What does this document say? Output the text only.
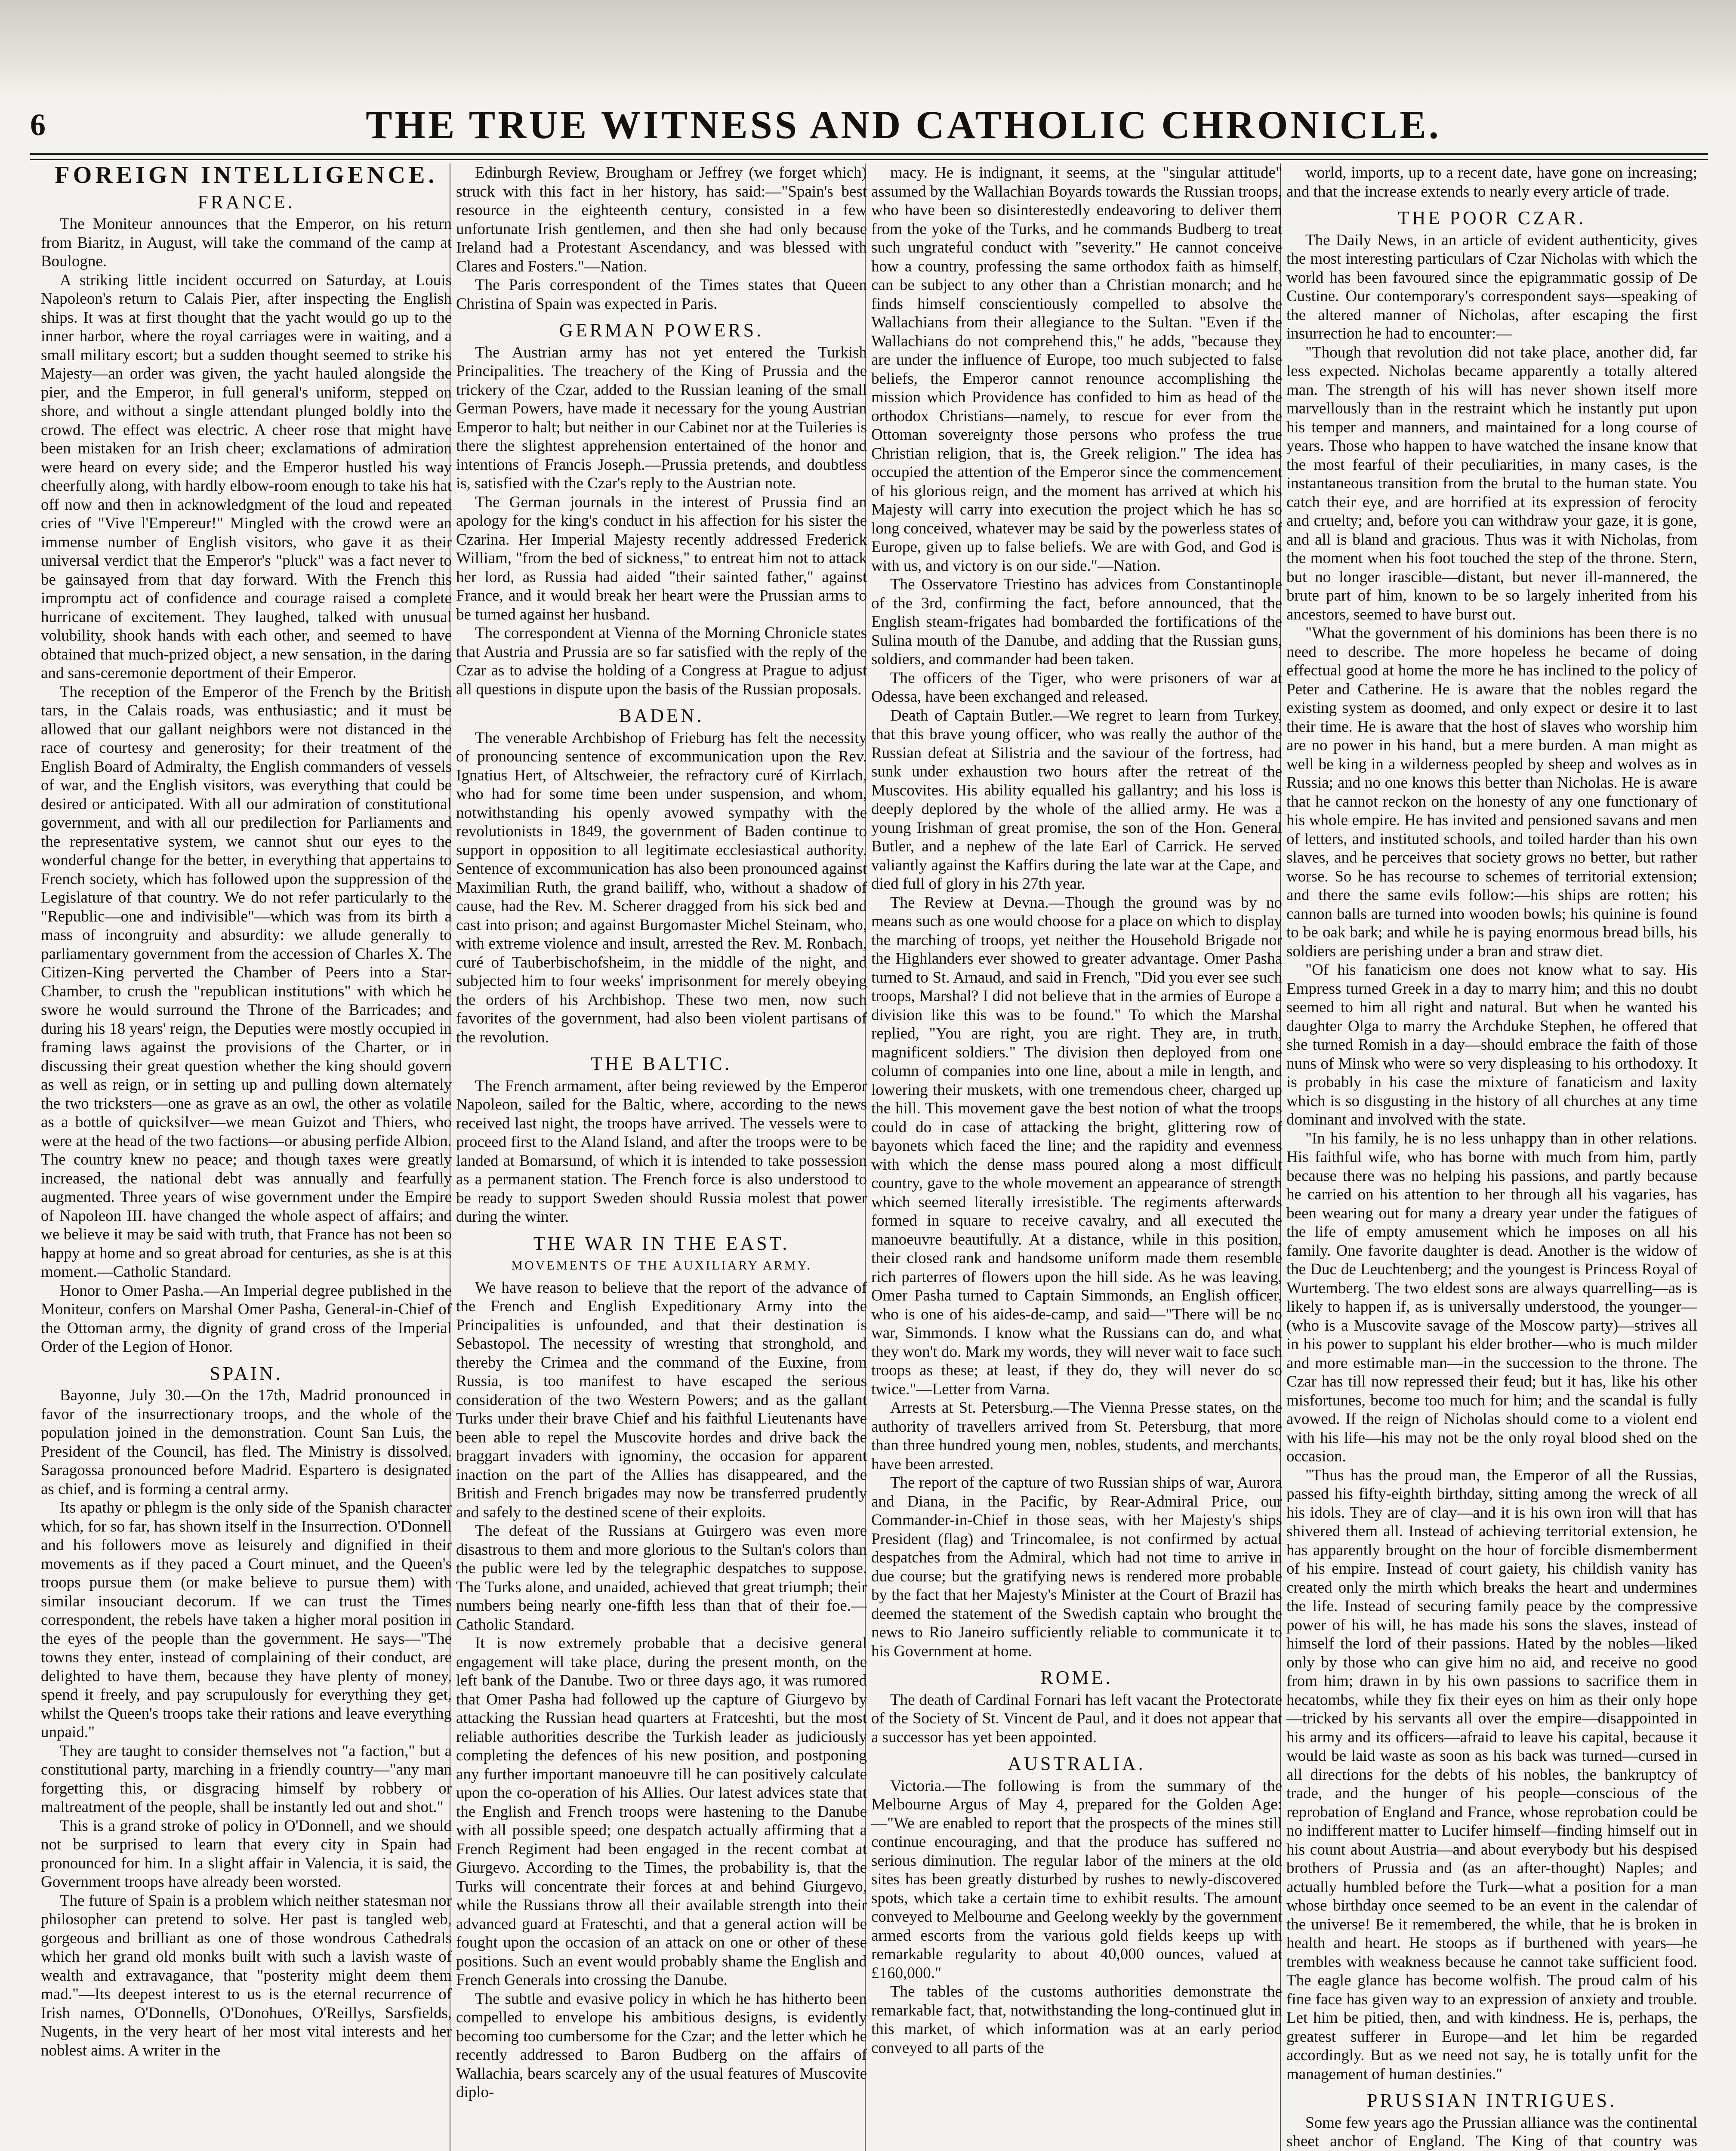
6	THE TRUE WITNESS AND CATHOLIC CHRONICLE.
FOREIGN INTELLIGENCE.
FRANCE.

The Moniteur announces that the Emperor, on his return from Biaritz, in August, will take the command of the camp at Boulogne.

A striking little incident occurred on Saturday, at Louis Napoleon's return to Calais Pier, after inspecting the English ships. It was at first thought that the yacht would go up to the inner harbor, where the royal carriages were in waiting, and a small military escort; but a sudden thought seemed to strike his Majesty—an order was given, the yacht hauled alongside the pier, and the Emperor, in full general's uniform, stepped on shore, and without a single attendant plunged boldly into the crowd. The effect was electric. A cheer rose that might have been mistaken for an Irish cheer; exclamations of admiration were heard on every side; and the Emperor hustled his way cheerfully along, with hardly elbow-room enough to take his hat off now and then in acknowledgment of the loud and repeated cries of "Vive l'Empereur!" Mingled with the crowd were an immense number of English visitors, who gave it as their universal verdict that the Emperor's "pluck" was a fact never to be gainsayed from that day forward. With the French this impromptu act of confidence and courage raised a complete hurricane of excitement. They laughed, talked with unusual volubility, shook hands with each other, and seemed to have obtained that much-prized object, a new sensation, in the daring and sans-ceremonie deportment of their Emperor.

The reception of the Emperor of the French by the British tars, in the Calais roads, was enthusiastic; and it must be allowed that our gallant neighbors were not distanced in the race of courtesy and generosity; for their treatment of the English Board of Admiralty, the English commanders of vessels of war, and the English visitors, was everything that could be desired or anticipated. With all our admiration of constitutional government, and with all our predilection for Parliaments and the representative system, we cannot shut our eyes to the wonderful change for the better, in everything that appertains to French society, which has followed upon the suppression of the Legislature of that country. We do not refer particularly to the "Republic—one and indivisible"—which was from its birth a mass of incongruity and absurdity: we allude generally to parliamentary government from the accession of Charles X. The Citizen-King perverted the Chamber of Peers into a Star-Chamber, to crush the "republican institutions" with which he swore he would surround the Throne of the Barricades; and during his 18 years' reign, the Deputies were mostly occupied in framing laws against the provisions of the Charter, or in discussing their great question whether the king should govern as well as reign, or in setting up and pulling down alternately the two tricksters—one as grave as an owl, the other as volatile as a bottle of quicksilver—we mean Guizot and Thiers, who were at the head of the two factions—or abusing perfide Albion. The country knew no peace; and though taxes were greatly increased, the national debt was annually and fearfully augmented. Three years of wise government under the Empire of Napoleon III. have changed the whole aspect of affairs; and we believe it may be said with truth, that France has not been so happy at home and so great abroad for centuries, as she is at this moment.—Catholic Standard.

Honor to Omer Pasha.—An Imperial degree published in the Moniteur, confers on Marshal Omer Pasha, General-in-Chief of the Ottoman army, the dignity of grand cross of the Imperial Order of the Legion of Honor.

SPAIN.

Bayonne, July 30.—On the 17th, Madrid pronounced in favor of the insurrectionary troops, and the whole of the population joined in the demonstration. Count San Luis, the President of the Council, has fled. The Ministry is dissolved. Saragossa pronounced before Madrid. Espartero is designated as chief, and is forming a central army.

Its apathy or phlegm is the only side of the Spanish character which, for so far, has shown itself in the Insurrection. O'Donnell and his followers move as leisurely and dignified in their movements as if they paced a Court minuet, and the Queen's troops pursue them (or make believe to pursue them) with similar insouciant decorum. If we can trust the Times correspondent, the rebels have taken a higher moral position in the eyes of the people than the government. He says—"The towns they enter, instead of complaining of their conduct, are delighted to have them, because they have plenty of money, spend it freely, and pay scrupulously for everything they get, whilst the Queen's troops take their rations and leave everything unpaid."

They are taught to consider themselves not "a faction," but a constitutional party, marching in a friendly country—"any man forgetting this, or disgracing himself by robbery or maltreatment of the people, shall be instantly led out and shot."

This is a grand stroke of policy in O'Donnell, and we should not be surprised to learn that every city in Spain had pronounced for him. In a slight affair in Valencia, it is said, the Government troops have already been worsted.

The future of Spain is a problem which neither statesman nor philosopher can pretend to solve. Her past is tangled web, gorgeous and brilliant as one of those wondrous Cathedrals which her grand old monks built with such a lavish waste of wealth and extravagance, that "posterity might deem them mad."—Its deepest interest to us is the eternal recurrence of Irish names, O'Donnells, O'Donohues, O'Reillys, Sarsfields, Nugents, in the very heart of her most vital interests and her noblest aims. A writer in the

Edinburgh Review, Brougham or Jeffrey (we forget which) struck with this fact in her history, has said:—"Spain's best resource in the eighteenth century, consisted in a few unfortunate Irish gentlemen, and then she had only because Ireland had a Protestant Ascendancy, and was blessed with Clares and Fosters."—Nation.

The Paris correspondent of the Times states that Queen Christina of Spain was expected in Paris.

GERMAN POWERS.

The Austrian army has not yet entered the Turkish Principalities. The treachery of the King of Prussia and the trickery of the Czar, added to the Russian leaning of the small German Powers, have made it necessary for the young Austrian Emperor to halt; but neither in our Cabinet nor at the Tuileries is there the slightest apprehension entertained of the honor and intentions of Francis Joseph.—Prussia pretends, and doubtless is, satisfied with the Czar's reply to the Austrian note.

The German journals in the interest of Prussia find an apology for the king's conduct in his affection for his sister the Czarina. Her Imperial Majesty recently addressed Frederick William, "from the bed of sickness," to entreat him not to attack her lord, as Russia had aided "their sainted father," against France, and it would break her heart were the Prussian arms to be turned against her husband.

The correspondent at Vienna of the Morning Chronicle states that Austria and Prussia are so far satisfied with the reply of the Czar as to advise the holding of a Congress at Prague to adjust all questions in dispute upon the basis of the Russian proposals.

BADEN.

The venerable Archbishop of Frieburg has felt the necessity of pronouncing sentence of excommunication upon the Rev. Ignatius Hert, of Altschweier, the refractory curé of Kirrlach, who had for some time been under suspension, and whom, notwithstanding his openly avowed sympathy with the revolutionists in 1849, the government of Baden continue to support in opposition to all legitimate ecclesiastical authority. Sentence of excommunication has also been pronounced against Maximilian Ruth, the grand bailiff, who, without a shadow of cause, had the Rev. M. Scherer dragged from his sick bed and cast into prison; and against Burgomaster Michel Steinam, who, with extreme violence and insult, arrested the Rev. M. Ronbach, curé of Tauberbischofsheim, in the middle of the night, and subjected him to four weeks' imprisonment for merely obeying the orders of his Archbishop. These two men, now such favorites of the government, had also been violent partisans of the revolution.

THE BALTIC.

The French armament, after being reviewed by the Emperor Napoleon, sailed for the Baltic, where, according to the news received last night, the troops have arrived. The vessels were to proceed first to the Aland Island, and after the troops were to be landed at Bomarsund, of which it is intended to take possession as a permanent station. The French force is also understood to be ready to support Sweden should Russia molest that power during the winter.

THE WAR IN THE EAST.
MOVEMENTS OF THE AUXILIARY ARMY.

We have reason to believe that the report of the advance of the French and English Expeditionary Army into the Principalities is unfounded, and that their destination is Sebastopol. The necessity of wresting that stronghold, and thereby the Crimea and the command of the Euxine, from Russia, is too manifest to have escaped the serious consideration of the two Western Powers; and as the gallant Turks under their brave Chief and his faithful Lieutenants have been able to repel the Muscovite hordes and drive back the braggart invaders with ignominy, the occasion for apparent inaction on the part of the Allies has disappeared, and the British and French brigades may now be transferred prudently and safely to the destined scene of their exploits.

The defeat of the Russians at Guirgero was even more disastrous to them and more glorious to the Sultan's colors than the public were led by the telegraphic despatches to suppose. The Turks alone, and unaided, achieved that great triumph; their numbers being nearly one-fifth less than that of their foe.—Catholic Standard.

It is now extremely probable that a decisive general engagement will take place, during the present month, on the left bank of the Danube. Two or three days ago, it was rumored that Omer Pasha had followed up the capture of Giurgevo by attacking the Russian head quarters at Fratceshti, but the most reliable authorities describe the Turkish leader as judiciously completing the defences of his new position, and postponing any further important manoeuvre till he can positively calculate upon the co-operation of his Allies. Our latest advices state that the English and French troops were hastening to the Danube with all possible speed; one despatch actually affirming that a French Regiment had been engaged in the recent combat at Giurgevo. According to the Times, the probability is, that the Turks will concentrate their forces at and behind Giurgevo, while the Russians throw all their available strength into their advanced guard at Frateschti, and that a general action will be fought upon the occasion of an attack on one or other of these positions. Such an event would probably shame the English and French Generals into crossing the Danube.

The subtle and evasive policy in which he has hitherto been compelled to envelope his ambitious designs, is evidently becoming too cumbersome for the Czar; and the letter which he recently addressed to Baron Budberg on the affairs of Wallachia, bears scarcely any of the usual features of Muscovite diplo-

macy. He is indignant, it seems, at the "singular attitude" assumed by the Wallachian Boyards towards the Russian troops, who have been so disinterestedly endeavoring to deliver them from the yoke of the Turks, and he commands Budberg to treat such ungrateful conduct with "severity." He cannot conceive how a country, professing the same orthodox faith as himself, can be subject to any other than a Christian monarch; and he finds himself conscientiously compelled to absolve the Wallachians from their allegiance to the Sultan. "Even if the Wallachians do not comprehend this," he adds, "because they are under the influence of Europe, too much subjected to false beliefs, the Emperor cannot renounce accomplishing the mission which Providence has confided to him as head of the orthodox Christians—namely, to rescue for ever from the Ottoman sovereignty those persons who profess the true Christian religion, that is, the Greek religion." The idea has occupied the attention of the Emperor since the commencement of his glorious reign, and the moment has arrived at which his Majesty will carry into execution the project which he has so long conceived, whatever may be said by the powerless states of Europe, given up to false beliefs. We are with God, and God is with us, and victory is on our side."—Nation.

The Osservatore Triestino has advices from Constantinople of the 3rd, confirming the fact, before announced, that the English steam-frigates had bombarded the fortifications of the Sulina mouth of the Danube, and adding that the Russian guns, soldiers, and commander had been taken.

The officers of the Tiger, who were prisoners of war at Odessa, have been exchanged and released.

Death of Captain Butler.—We regret to learn from Turkey, that this brave young officer, who was really the author of the Russian defeat at Silistria and the saviour of the fortress, had sunk under exhaustion two hours after the retreat of the Muscovites. His ability equalled his gallantry; and his loss is deeply deplored by the whole of the allied army. He was a young Irishman of great promise, the son of the Hon. General Butler, and a nephew of the late Earl of Carrick. He served valiantly against the Kaffirs during the late war at the Cape, and died full of glory in his 27th year.

The Review at Devna.—Though the ground was by no means such as one would choose for a place on which to display the marching of troops, yet neither the Household Brigade nor the Highlanders ever showed to greater advantage. Omer Pasha turned to St. Arnaud, and said in French, "Did you ever see such troops, Marshal? I did not believe that in the armies of Europe a division like this was to be found." To which the Marshal replied, "You are right, you are right. They are, in truth, magnificent soldiers." The division then deployed from one column of companies into one line, about a mile in length, and lowering their muskets, with one tremendous cheer, charged up the hill. This movement gave the best notion of what the troops could do in case of attacking the bright, glittering row of bayonets which faced the line; and the rapidity and evenness with which the dense mass poured along a most difficult country, gave to the whole movement an appearance of strength which seemed literally irresistible. The regiments afterwards formed in square to receive cavalry, and all executed the manoeuvre beautifully. At a distance, while in this position, their closed rank and handsome uniform made them resemble rich parterres of flowers upon the hill side. As he was leaving, Omer Pasha turned to Captain Simmonds, an English officer, who is one of his aides-de-camp, and said—"There will be no war, Simmonds. I know what the Russians can do, and what they won't do. Mark my words, they will never wait to face such troops as these; at least, if they do, they will never do so twice."—Letter from Varna.

Arrests at St. Petersburg.—The Vienna Presse states, on the authority of travellers arrived from St. Petersburg, that more than three hundred young men, nobles, students, and merchants, have been arrested.

The report of the capture of two Russian ships of war, Aurora and Diana, in the Pacific, by Rear-Admiral Price, our Commander-in-Chief in those seas, with her Majesty's ships President (flag) and Trincomalee, is not confirmed by actual despatches from the Admiral, which had not time to arrive in due course; but the gratifying news is rendered more probable by the fact that her Majesty's Minister at the Court of Brazil has deemed the statement of the Swedish captain who brought the news to Rio Janeiro sufficiently reliable to communicate it to his Government at home.

ROME.

The death of Cardinal Fornari has left vacant the Protectorate of the Society of St. Vincent de Paul, and it does not appear that a successor has yet been appointed.

AUSTRALIA.

Victoria.—The following is from the summary of the Melbourne Argus of May 4, prepared for the Golden Age:—"We are enabled to report that the prospects of the mines still continue encouraging, and that the produce has suffered no serious diminution. The regular labor of the miners at the old sites has been greatly disturbed by rushes to newly-discovered spots, which take a certain time to exhibit results. The amount conveyed to Melbourne and Geelong weekly by the government armed escorts from the various gold fields keeps up with remarkable regularity to about 40,000 ounces, valued at £160,000."

The tables of the customs authorities demonstrate the remarkable fact, that, notwithstanding the long-continued glut in this market, of which information was at an early period conveyed to all parts of the

world, imports, up to a recent date, have gone on increasing; and that the increase extends to nearly every article of trade.

THE POOR CZAR.

The Daily News, in an article of evident authenticity, gives the most interesting particulars of Czar Nicholas with which the world has been favoured since the epigrammatic gossip of De Custine. Our contemporary's correspondent says—speaking of the altered manner of Nicholas, after escaping the first insurrection he had to encounter:—

"Though that revolution did not take place, another did, far less expected. Nicholas became apparently a totally altered man. The strength of his will has never shown itself more marvellously than in the restraint which he instantly put upon his temper and manners, and maintained for a long course of years. Those who happen to have watched the insane know that the most fearful of their peculiarities, in many cases, is the instantaneous transition from the brutal to the human state. You catch their eye, and are horrified at its expression of ferocity and cruelty; and, before you can withdraw your gaze, it is gone, and all is bland and gracious. Thus was it with Nicholas, from the moment when his foot touched the step of the throne. Stern, but no longer irascible—distant, but never ill-mannered, the brute part of him, known to be so largely inherited from his ancestors, seemed to have burst out.

"What the government of his dominions has been there is no need to describe. The more hopeless he became of doing effectual good at home the more he has inclined to the policy of Peter and Catherine. He is aware that the nobles regard the existing system as doomed, and only expect or desire it to last their time. He is aware that the host of slaves who worship him are no power in his hand, but a mere burden. A man might as well be king in a wilderness peopled by sheep and wolves as in Russia; and no one knows this better than Nicholas. He is aware that he cannot reckon on the honesty of any one functionary of his whole empire. He has invited and pensioned savans and men of letters, and instituted schools, and toiled harder than his own slaves, and he perceives that society grows no better, but rather worse. So he has recourse to schemes of territorial extension; and there the same evils follow:—his ships are rotten; his cannon balls are turned into wooden bowls; his quinine is found to be oak bark; and while he is paying enormous bread bills, his soldiers are perishing under a bran and straw diet.

"Of his fanaticism one does not know what to say. His Empress turned Greek in a day to marry him; and this no doubt seemed to him all right and natural. But when he wanted his daughter Olga to marry the Archduke Stephen, he offered that she turned Romish in a day—should embrace the faith of those nuns of Minsk who were so very displeasing to his orthodoxy. It is probably in his case the mixture of fanaticism and laxity which is so disgusting in the history of all churches at any time dominant and involved with the state.

"In his family, he is no less unhappy than in other relations. His faithful wife, who has borne with much from him, partly because there was no helping his passions, and partly because he carried on his attention to her through all his vagaries, has been wearing out for many a dreary year under the fatigues of the life of empty amusement which he imposes on all his family. One favorite daughter is dead. Another is the widow of the Duc de Leuchtenberg; and the youngest is Princess Royal of Wurtemberg. The two eldest sons are always quarrelling—as is likely to happen if, as is universally understood, the younger—(who is a Muscovite savage of the Moscow party)—strives all in his power to supplant his elder brother—who is much milder and more estimable man—in the succession to the throne. The Czar has till now repressed their feud; but it has, like his other misfortunes, become too much for him; and the scandal is fully avowed. If the reign of Nicholas should come to a violent end with his life—his may not be the only royal blood shed on the occasion.

"Thus has the proud man, the Emperor of all the Russias, passed his fifty-eighth birthday, sitting among the wreck of all his idols. They are of clay—and it is his own iron will that has shivered them all. Instead of achieving territorial extension, he has apparently brought on the hour of forcible dismemberment of his empire. Instead of court gaiety, his childish vanity has created only the mirth which breaks the heart and undermines the life. Instead of securing family peace by the compressive power of his will, he has made his sons the slaves, instead of himself the lord of their passions. Hated by the nobles—liked only by those who can give him no aid, and receive no good from him; drawn in by his own passions to sacrifice them in hecatombs, while they fix their eyes on him as their only hope—tricked by his servants all over the empire—disappointed in his army and its officers—afraid to leave his capital, because it would be laid waste as soon as his back was turned—cursed in all directions for the debts of his nobles, the bankruptcy of trade, and the hunger of his people—conscious of the reprobation of England and France, whose reprobation could be no indifferent matter to Lucifer himself—finding himself out in his count about Austria—and about everybody but his despised brothers of Prussia and (as an after-thought) Naples; and actually humbled before the Turk—what a position for a man whose birthday once seemed to be an event in the calendar of the universe! Be it remembered, the while, that he is broken in health and heart. He stoops as if burthened with years—he trembles with weakness because he cannot take sufficient food. The eagle glance has become wolfish. The proud calm of his fine face has given way to an expression of anxiety and trouble. Let him be pitied, then, and with kindness. He is, perhaps, the greatest sufferer in Europe—and let him be regarded accordingly. But as we need not say, he is totally unfit for the management of human destinies."

PRUSSIAN INTRIGUES.

Some few years ago the Prussian alliance was the continental sheet anchor of England. The King of that country was
